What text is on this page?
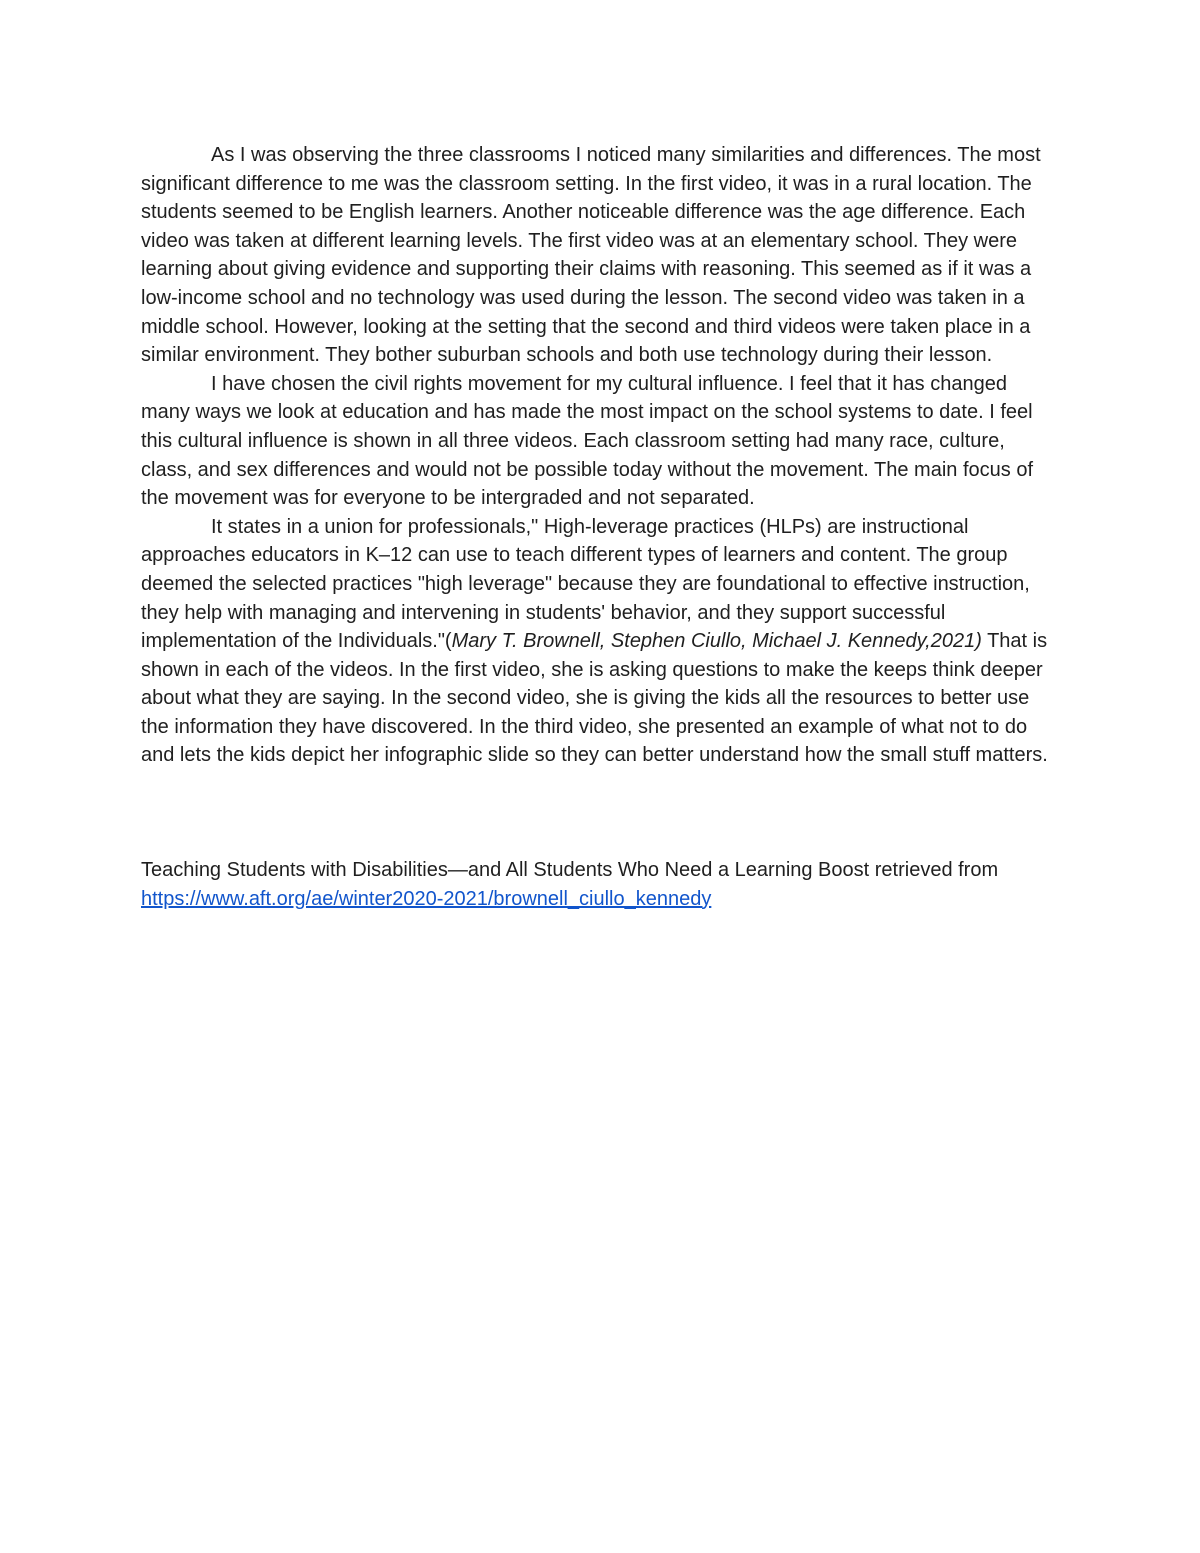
As I was observing the three classrooms I noticed many similarities and differences. The most significant difference to me was the classroom setting. In the first video, it was in a rural location. The students seemed to be English learners. Another noticeable difference was the age difference. Each video was taken at different learning levels. The first video was at an elementary school. They were learning about giving evidence and supporting their claims with reasoning. This seemed as if it was a low-income school and no technology was used during the lesson. The second video was taken in a middle school. However, looking at the setting that the second and third videos were taken place in a similar environment. They bother suburban schools and both use technology during their lesson.

I have chosen the civil rights movement for my cultural influence. I feel that it has changed many ways we look at education and has made the most impact on the school systems to date. I feel this cultural influence is shown in all three videos. Each classroom setting had many race, culture, class, and sex differences and would not be possible today without the movement. The main focus of the movement was for everyone to be intergraded and not separated.

It states in a union for professionals," High-leverage practices (HLPs) are instructional approaches educators in K–12 can use to teach different types of learners and content. The group deemed the selected practices "high leverage" because they are foundational to effective instruction, they help with managing and intervening in students' behavior, and they support successful implementation of the Individuals."(Mary T. Brownell, Stephen Ciullo, Michael J. Kennedy,2021) That is shown in each of the videos. In the first video, she is asking questions to make the keeps think deeper about what they are saying. In the second video, she is giving the kids all the resources to better use the information they have discovered. In the third video, she presented an example of what not to do and lets the kids depict her infographic slide so they can better understand how the small stuff matters.

Teaching Students with Disabilities—and All Students Who Need a Learning Boost retrieved from https://www.aft.org/ae/winter2020-2021/brownell_ciullo_kennedy
